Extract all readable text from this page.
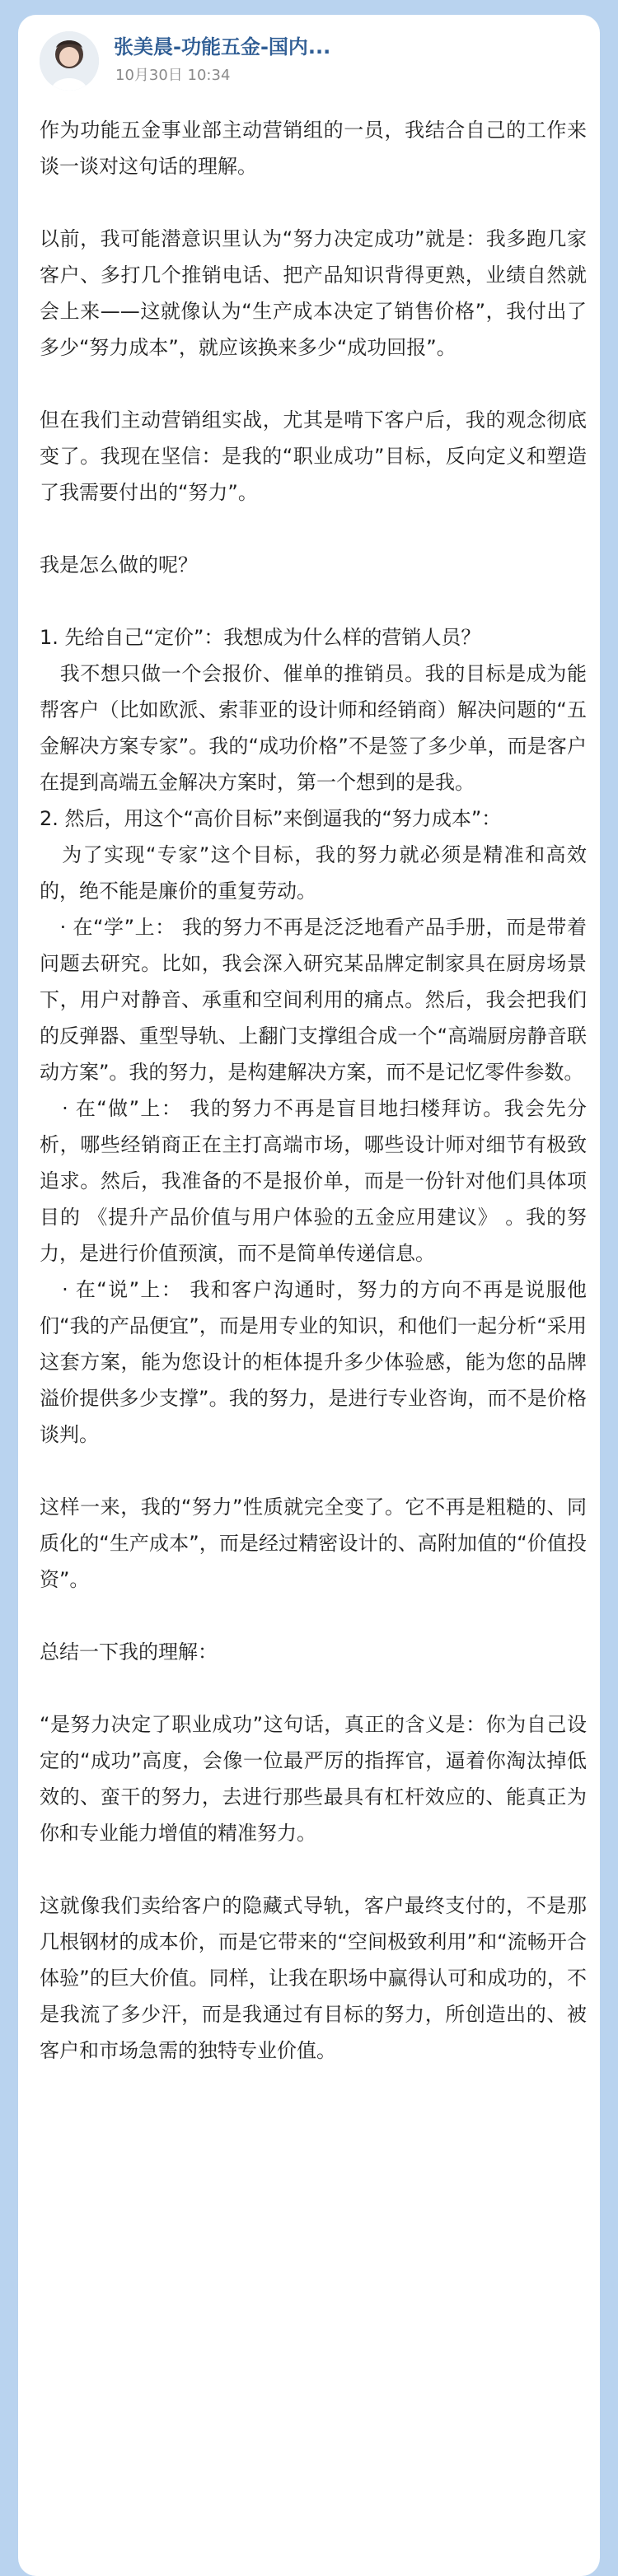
张美晨-功能五金-国内...
10月30日 10:34

作为功能五金事业部主动营销组的一员，我结合自己的工作来谈一谈对这句话的理解。

以前，我可能潜意识里认为“努力决定成功”就是：我多跑几家客户、多打几个推销电话、把产品知识背得更熟，业绩自然就会上来——这就像认为“生产成本决定了销售价格”，我付出了多少“努力成本”，就应该换来多少“成功回报”。

但在我们主动营销组实战，尤其是啃下客户后，我的观念彻底变了。我现在坚信：是我的“职业成功”目标，反向定义和塑造了我需要付出的“努力”。

我是怎么做的呢？

1. 先给自己“定价”：我想成为什么样的营销人员？
我不想只做一个会报价、催单的推销员。我的目标是成为能帮客户（比如欧派、索菲亚的设计师和经销商）解决问题的“五金解决方案专家”。我的“成功价格”不是签了多少单，而是客户在提到高端五金解决方案时，第一个想到的是我。
2. 然后，用这个“高价目标”来倒逼我的“努力成本”：
为了实现“专家”这个目标，我的努力就必须是精准和高效的，绝不能是廉价的重复劳动。
· 在“学”上： 我的努力不再是泛泛地看产品手册，而是带着问题去研究。比如，我会深入研究某品牌定制家具在厨房场景下，用户对静音、承重和空间利用的痛点。然后，我会把我们的反弹器、重型导轨、上翻门支撑组合成一个“高端厨房静音联动方案”。我的努力，是构建解决方案，而不是记忆零件参数。
· 在“做”上： 我的努力不再是盲目地扫楼拜访。我会先分析，哪些经销商正在主打高端市场，哪些设计师对细节有极致追求。然后，我准备的不是报价单，而是一份针对他们具体项目的 《提升产品价值与用户体验的五金应用建议》 。我的努力，是进行价值预演，而不是简单传递信息。
· 在“说”上： 我和客户沟通时，努力的方向不再是说服他们“我的产品便宜”，而是用专业的知识，和他们一起分析“采用这套方案，能为您设计的柜体提升多少体验感，能为您的品牌溢价提供多少支撑”。我的努力，是进行专业咨询，而不是价格谈判。

这样一来，我的“努力”性质就完全变了。它不再是粗糙的、同质化的“生产成本”，而是经过精密设计的、高附加值的“价值投资”。

总结一下我的理解：

“是努力决定了职业成功”这句话，真正的含义是：你为自己设定的“成功”高度，会像一位最严厉的指挥官，逼着你淘汰掉低效的、蛮干的努力，去进行那些最具有杠杆效应的、能真正为你和专业能力增值的精准努力。

这就像我们卖给客户的隐藏式导轨，客户最终支付的，不是那几根钢材的成本价，而是它带来的“空间极致利用”和“流畅开合体验”的巨大价值。同样，让我在职场中赢得认可和成功的，不是我流了多少汗，而是我通过有目标的努力，所创造出的、被客户和市场急需的独特专业价值。
